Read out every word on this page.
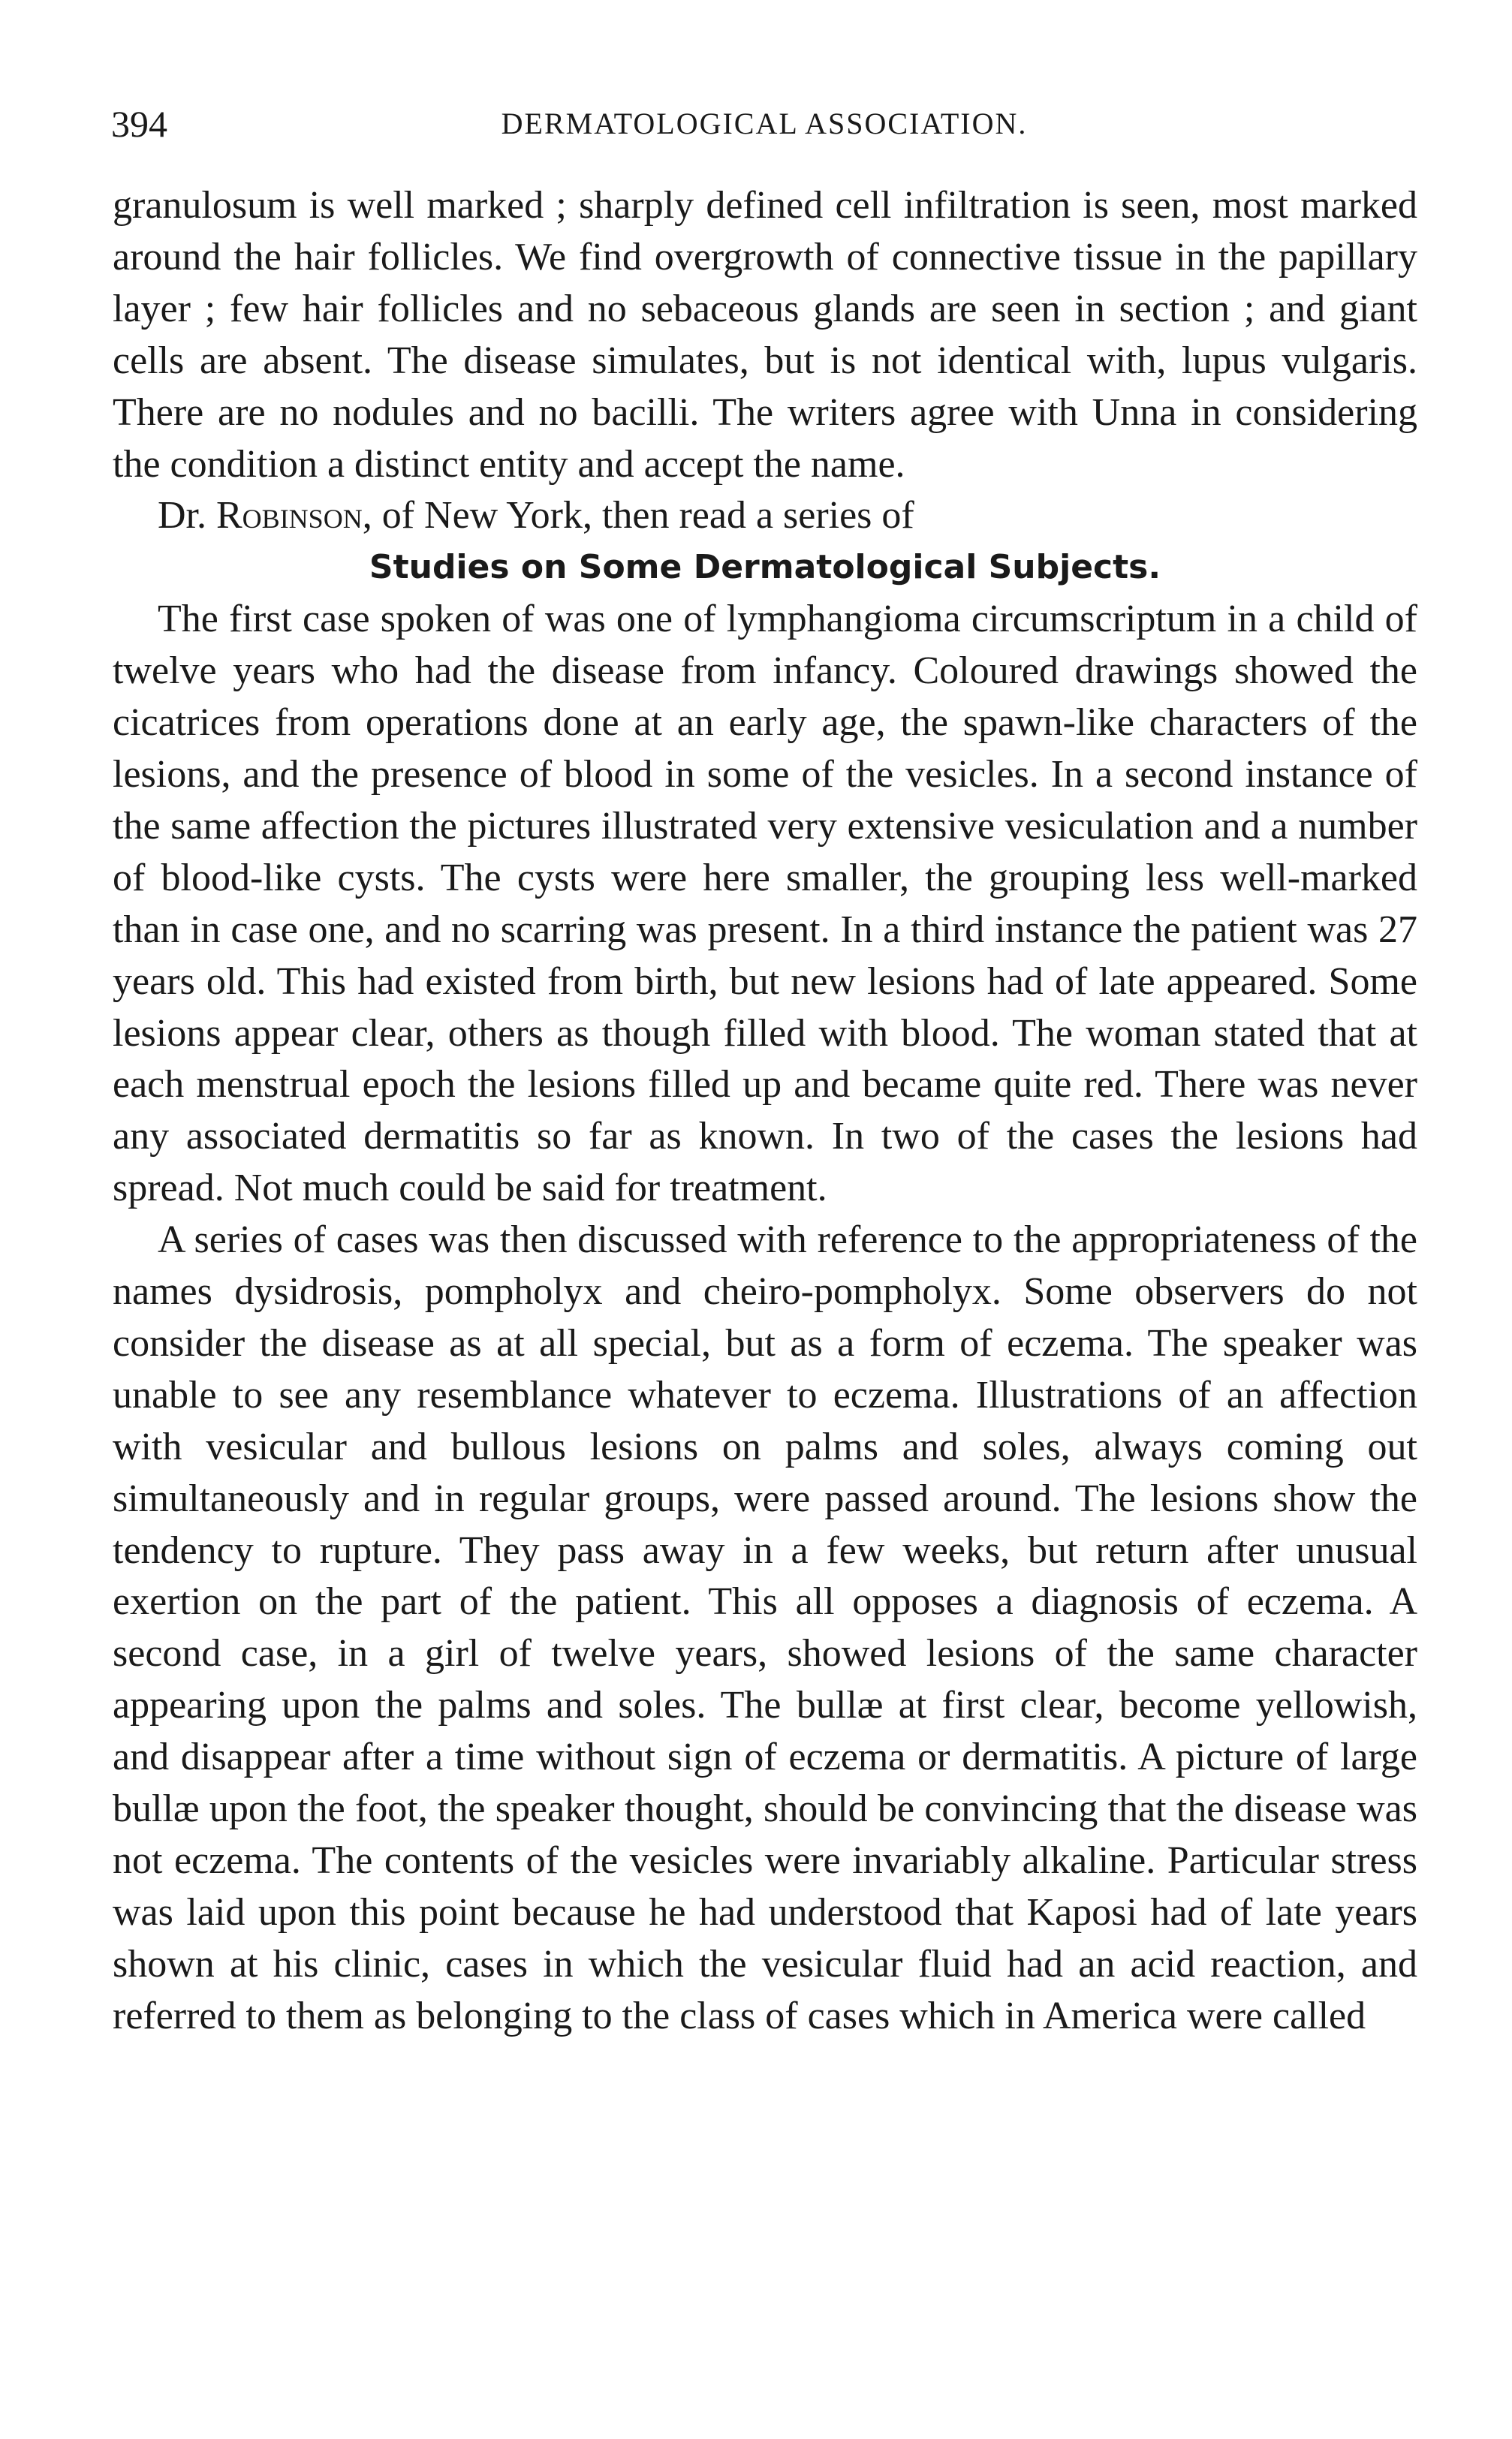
394	DERMATOLOGICAL ASSOCIATION.

granulosum is well marked ; sharply defined cell infiltration is seen, most marked around the hair follicles. We find overgrowth of connective tissue in the papillary layer ; few hair follicles and no sebaceous glands are seen in section ; and giant cells are absent. The disease simulates, but is not identical with, lupus vulgaris. There are no nodules and no bacilli. The writers agree with Unna in considering the condition a distinct entity and accept the name.

Dr. Robinson, of New York, then read a series of

Studies on Some Dermatological Subjects.

The first case spoken of was one of lymphangioma circumscriptum in a child of twelve years who had the disease from infancy. Coloured drawings showed the cicatrices from operations done at an early age, the spawn-like characters of the lesions, and the presence of blood in some of the vesicles. In a second instance of the same affection the pictures illustrated very extensive vesiculation and a number of blood-like cysts. The cysts were here smaller, the grouping less well-marked than in case one, and no scarring was present. In a third instance the patient was 27 years old. This had existed from birth, but new lesions had of late appeared. Some lesions appear clear, others as though filled with blood. The woman stated that at each menstrual epoch the lesions filled up and became quite red. There was never any associated dermatitis so far as known. In two of the cases the lesions had spread. Not much could be said for treatment.

A series of cases was then discussed with reference to the appropriateness of the names dysidrosis, pompholyx and cheiro-pompholyx. Some observers do not consider the disease as at all special, but as a form of eczema. The speaker was unable to see any resemblance whatever to eczema. Illustrations of an affection with vesicular and bullous lesions on palms and soles, always coming out simultaneously and in regular groups, were passed around. The lesions show the tendency to rupture. They pass away in a few weeks, but return after unusual exertion on the part of the patient. This all opposes a diagnosis of eczema. A second case, in a girl of twelve years, showed lesions of the same character appearing upon the palms and soles. The bullæ at first clear, become yellowish, and disappear after a time without sign of eczema or dermatitis. A picture of large bullæ upon the foot, the speaker thought, should be convincing that the disease was not eczema. The contents of the vesicles were invariably alkaline. Particular stress was laid upon this point because he had understood that Kaposi had of late years shown at his clinic, cases in which the vesicular fluid had an acid reaction, and referred to them as belonging to the class of cases which in America were called
